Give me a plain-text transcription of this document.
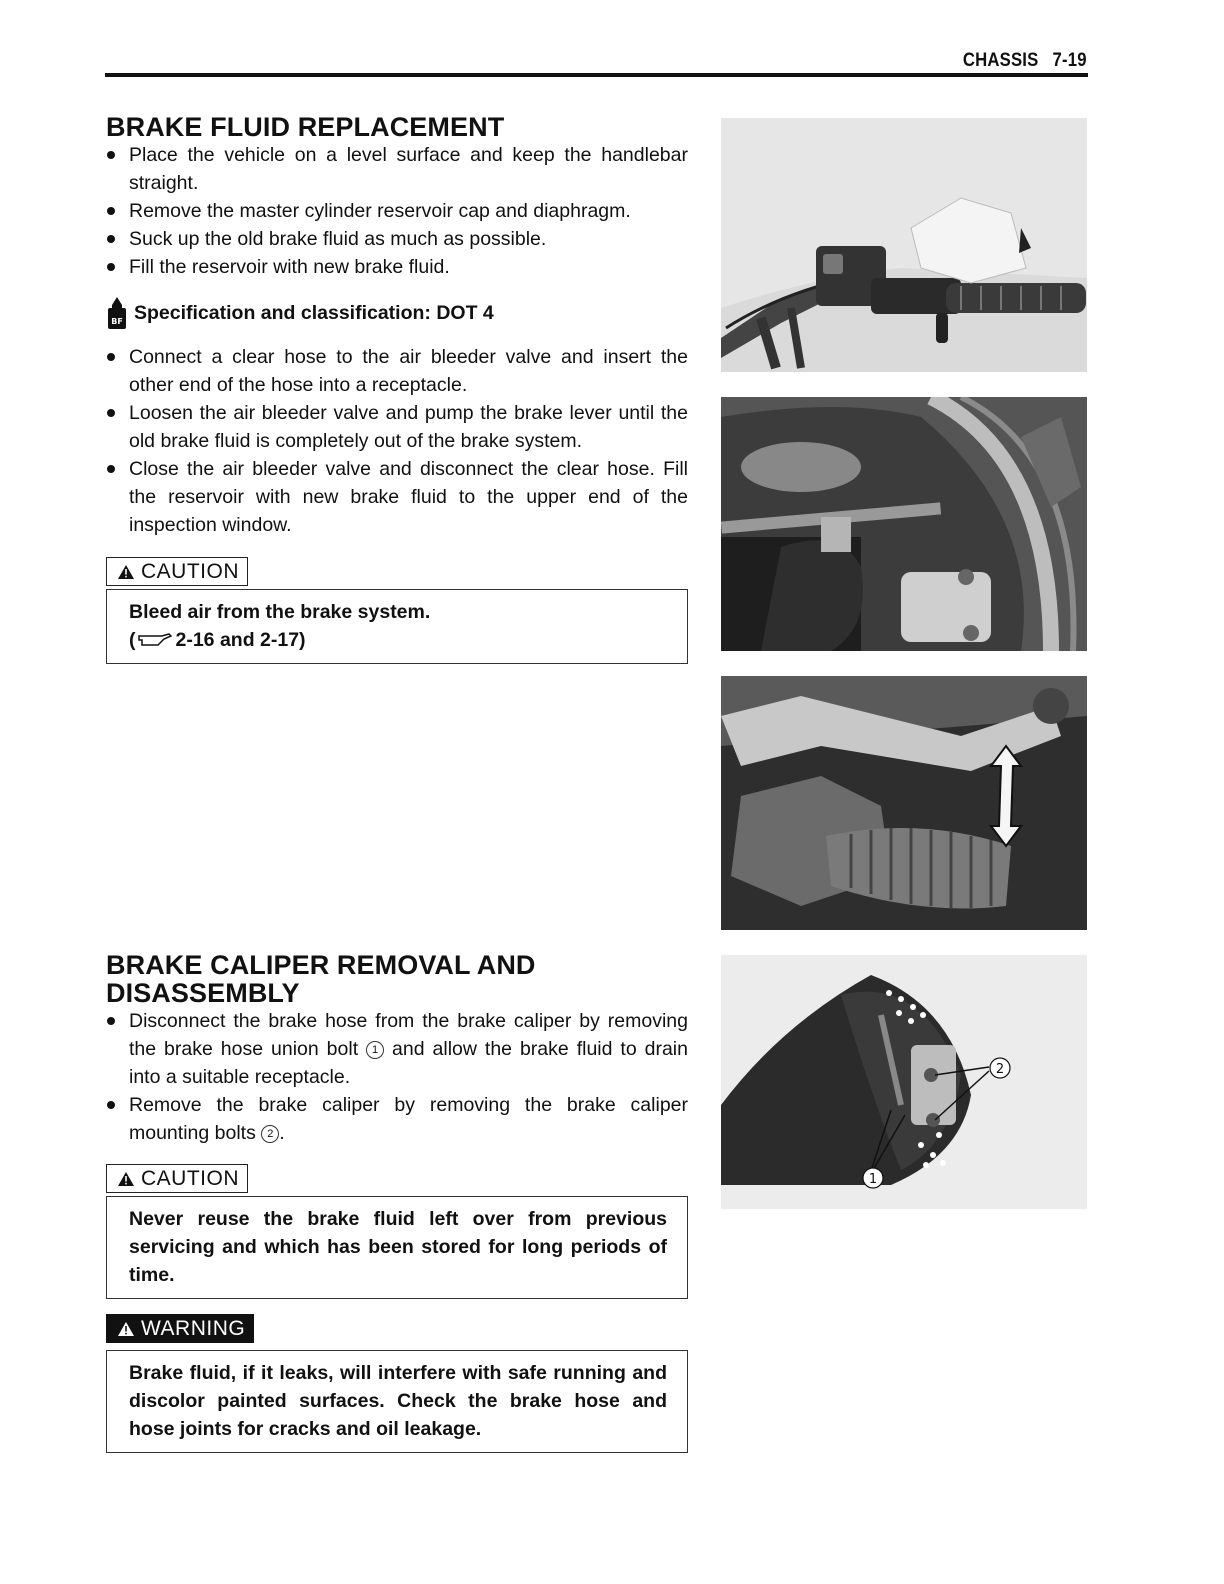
CHASSIS 7-19
BRAKE FLUID REPLACEMENT
Place the vehicle on a level surface and keep the handlebar straight.
Remove the master cylinder reservoir cap and diaphragm.
Suck up the old brake fluid as much as possible.
Fill the reservoir with new brake fluid.
BF Specification and classification: DOT 4
Connect a clear hose to the air bleeder valve and insert the other end of the hose into a receptacle.
Loosen the air bleeder valve and pump the brake lever until the old brake fluid is completely out of the brake system.
Close the air bleeder valve and disconnect the clear hose. Fill the reservoir with new brake fluid to the upper end of the inspection window.
CAUTION
Bleed air from the brake system.
( 2-16 and 2-17)
BRAKE CALIPER REMOVAL AND
DISASSEMBLY
Disconnect the brake hose from the brake caliper by removing the brake hose union bolt 1 and allow the brake fluid to drain into a suitable receptacle.
Remove the brake caliper by removing the brake caliper mounting bolts 2 .
CAUTION
Never reuse the brake fluid left over from previous servicing and which has been stored for long periods of time.
WARNING
Brake fluid, if it leaks, will interfere with safe running and discolor painted surfaces. Check the brake hose and hose joints for cracks and oil leakage.
2
1
